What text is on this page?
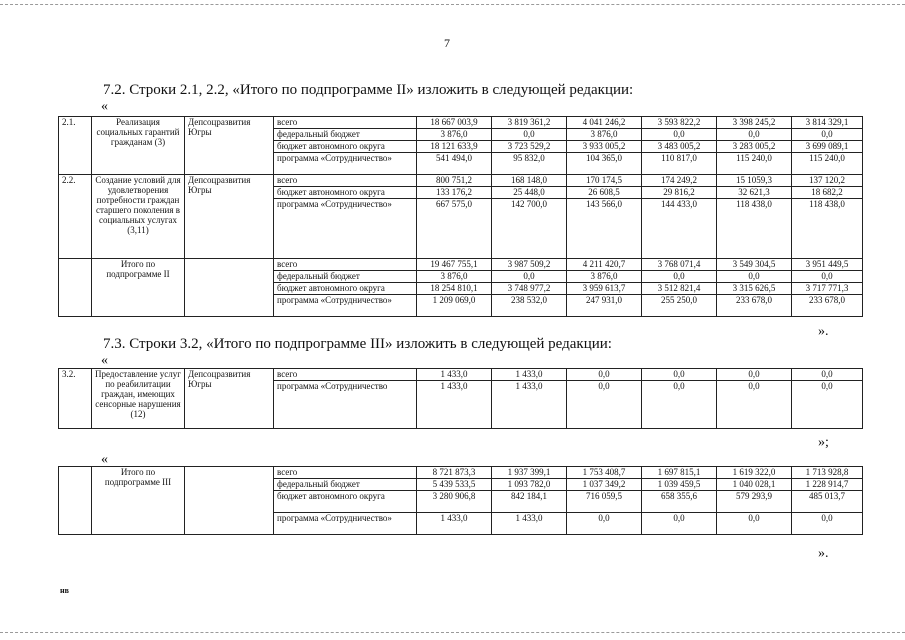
7
7.2. Строки 2.1, 2.2, «Итого по подпрограмме II» изложить в следующей редакции:
«
2.1.	Реализация социальных гарантий гражданам (3)	Депсоцразвития Югры	всего	18 667 003,9	3 819 361,2	4 041 246,2	3 593 822,2	3 398 245,2	3 814 329,1
			федеральный бюджет	3 876,0	0,0	3 876,0	0,0	0,0	0,0
			бюджет автономного округа	18 121 633,9	3 723 529,2	3 933 005,2	3 483 005,2	3 283 005,2	3 699 089,1
			программа «Сотрудничество»	541 494,0	95 832,0	104 365,0	110 817,0	115 240,0	115 240,0
2.2.	Создание условий для удовлетворения потребности граждан старшего поколения в социальных услугах (3,11)	Депсоцразвития Югры	всего	800 751,2	168 148,0	170 174,5	174 249,2	15 1059,3	137 120,2
			бюджет автономного округа	133 176,2	25 448,0	26 608,5	29 816,2	32 621,3	18 682,2
			программа «Сотрудничество»	667 575,0	142 700,0	143 566,0	144 433,0	118 438,0	118 438,0
	Итого по подпрограмме II		всего	19 467 755,1	3 987 509,2	4 211 420,7	3 768 071,4	3 549 304,5	3 951 449,5
			федеральный бюджет	3 876,0	0,0	3 876,0	0,0	0,0	0,0
			бюджет автономного округа	18 254 810,1	3 748 977,2	3 959 613,7	3 512 821,4	3 315 626,5	3 717 771,3
			программа «Сотрудничество»	1 209 069,0	238 532,0	247 931,0	255 250,0	233 678,0	233 678,0
».
7.3. Строки 3.2, «Итого по подпрограмме III» изложить в следующей редакции:
«
3.2.	Предоставление услуг по реабилитации граждан, имеющих сенсорные нарушения (12)	Депсоцразвития Югры	всего	1 433,0	1 433,0	0,0	0,0	0,0	0,0
			программа «Сотрудничество	1 433,0	1 433,0	0,0	0,0	0,0	0,0
»;
«
	Итого по подпрограмме III		всего	8 721 873,3	1 937 399,1	1 753 408,7	1 697 815,1	1 619 322,0	1 713 928,8
			федеральный бюджет	5 439 533,5	1 093 782,0	1 037 349,2	1 039 459,5	1 040 028,1	1 228 914,7
			бюджет автономного округа	3 280 906,8	842 184,1	716 059,5	658 355,6	579 293,9	485 013,7
			программа «Сотрудничество»	1 433,0	1 433,0	0,0	0,0	0,0	0,0
».
нв
